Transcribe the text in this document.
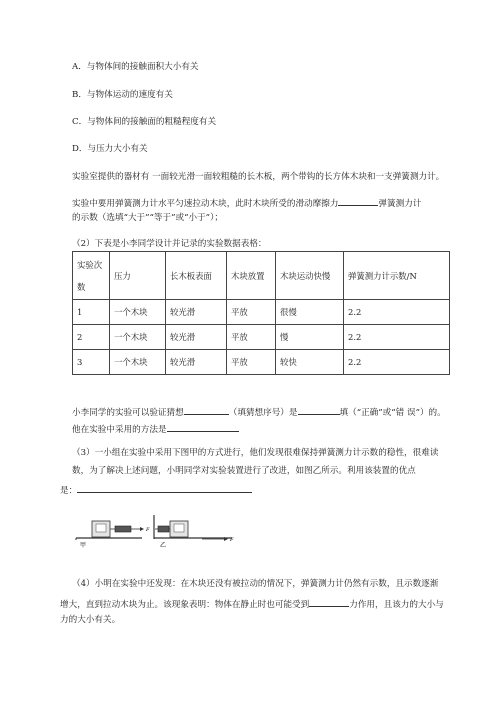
A．与物体间的接触面积大小有关
B．与物体运动的速度有关
C．与物体间的接触面的粗糙程度有关
D．与压力大小有关
实验室提供的器材有 一面较光滑一面较粗糙的长木板，两个带钩的长方体木块和一支弹簧测力计。
实验中要用弹簧测力计水平匀速拉动木块，此时木块所受的滑动摩擦力	弹簧测力计
的示数（选填“大于”“等于”或“小于”）；
（2）下表是小李同学设计并记录的实验数据表格：
实验次数	压力	长木板表面	木块放置	木块运动快慢	弹簧测力计示数/N
1	一个木块	较光滑	平放	很慢	2.2
2	一个木块	较光滑	平放	慢	2.2
3	一个木块	较光滑	平放	较快	2.2
小李同学的实验可以验证猜想	（填猜想序号）是	填（“正确”或“错 误”）的。
他在实验中采用的方法是
（3）一小组在实验中采用下图甲的方式进行，他们发现很难保持弹簧测力计示数的稳性，很难读
数，为了解决上述问题，小明同学对实验装置进行了改进，如图乙所示。利用该装置的优点
是：
F
甲
F
乙
（4）小明在实验中还发现：在木块还没有被拉动的情况下，弹簧测力计仍然有示数，且示数逐渐
增大，直到拉动木块为止。该现象表明：物体在静止时也可能受到	力作用，且该力的大小与
力的大小有关。
